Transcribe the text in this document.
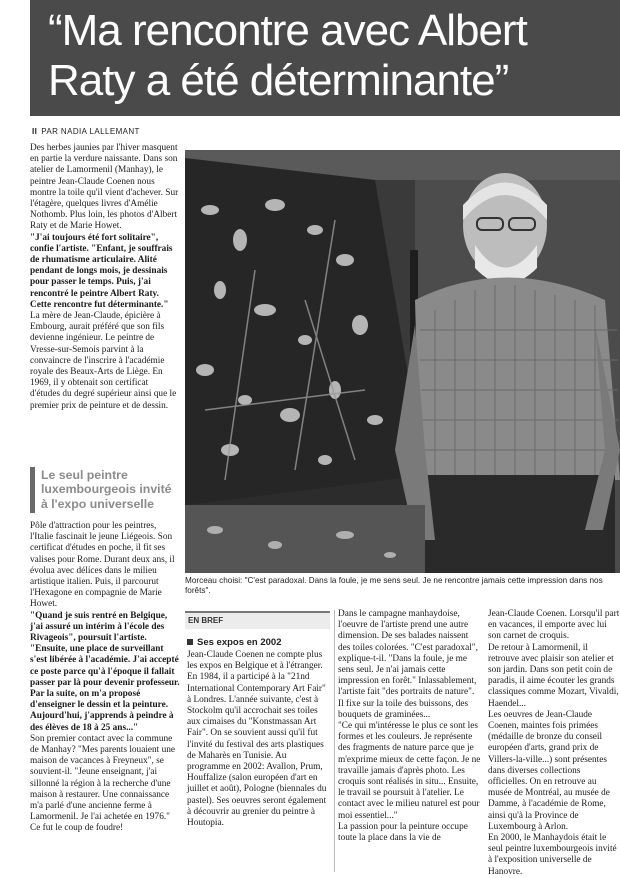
“Ma rencontre avec Albert Raty a été déterminante”
II PAR NADIA LALLEMANT

Des herbes jaunies par l'hiver masquent en partie la verdure naissante. Dans son atelier de Lamormenil (Manhay), le peintre Jean-Claude Coenen nous montre la toile qu'il vient d'achever. Sur l'étagère, quelques livres d'Amélie Nothomb. Plus loin, les photos d'Albert Raty et de Marie Howet.

"J'ai toujours été fort solitaire", confie l'artiste. "Enfant, je souffrais de rhumatisme articulaire. Alité pendant de longs mois, je dessinais pour passer le temps. Puis, j'ai rencontré le peintre Albert Raty. Cette rencontre fut déterminante."

La mère de Jean-Claude, épicière à Embourg, aurait préféré que son fils devienne ingénieur. Le peintre de Vresse-sur-Semois parvint à la convaincre de l'inscrire à l'académie royale des Beaux-Arts de Liège. En 1969, il y obtenait son certificat d'études du degré supérieur ainsi que le premier prix de peinture et de dessin.

Le seul peintre luxembourgeois invité à l'expo universelle

Pôle d'attraction pour les peintres, l'Italie fascinait le jeune Liégeois. Son certificat d'études en poche, il fit ses valises pour Rome. Durant deux ans, il évolua avec délices dans le milieu artistique italien. Puis, il parcourut l'Hexagone en compagnie de Marie Howet.

"Quand je suis rentré en Belgique, j'ai assuré un intérim à l'école des Rivageois", poursuit l'artiste. "Ensuite, une place de surveillant s'est libérée à l'académie. J'ai accepté ce poste parce qu'à l'époque il fallait passer par là pour devenir professeur. Par la suite, on m'a proposé d'enseigner le dessin et la peinture. Aujourd'hui, j'apprends à peindre à des élèves de 18 à 25 ans..."

Son premier contact avec la commune de Manhay? "Mes parents louaient une maison de vacances à Freyneux", se souvient-il. "Jeune enseignant, j'ai sillonné la région à la recherche d'une maison à restaurer. Une connaissance m'a parlé d'une ancienne ferme à Lamormenil. Je l'ai achetée en 1976." Ce fut le coup de foudre!

Morceau choisi: "C'est paradoxal. Dans la foule, je me sens seul. Je ne rencontre jamais cette impression dans nos forêts".
EN BREF
Ses expos en 2002

Jean-Claude Coenen ne compte plus les expos en Belgique et à l'étranger. En 1984, il a participé à la "21nd International Contemporary Art Fair" à Londres. L'année suivante, c'est à Stockolm qu'il accrochait ses toiles aux cimaises du "Konstmassan Art Fair". On se souvient aussi qu'il fut l'invité du festival des arts plastiques de Maharès en Tunisie. Au programme en 2002: Avallon, Prum, Houffalize (salon européen d'art en juillet et août), Pologne (biennales du pastel). Ses oeuvres seront également à découvrir au grenier du peintre à Houtopia.

Dans le campagne manhaydoise, l'oeuvre de l'artiste prend une autre dimension. De ses balades naissent des toiles colorées. "C'est paradoxal", explique-t-il. "Dans la foule, je me sens seul. Je n'ai jamais cette impression en forêt." Inlassablement, l'artiste fait "des portraits de nature". Il fixe sur la toile des buissons, des bouquets de graminées...

"Ce qui m'intéresse le plus ce sont les formes et les couleurs. Je représente des fragments de nature parce que je m'exprime mieux de cette façon. Je ne travaille jamais d'après photo. Les croquis sont réalisés in situ... Ensuite, le travail se poursuit à l'atelier. Le contact avec le milieu naturel est pour moi essentiel..."

La passion pour la peinture occupe toute la place dans la vie de

Jean-Claude Coenen. Lorsqu'il part en vacances, il emporte avec lui son carnet de croquis.

De retour à Lamormenil, il retrouve avec plaisir son atelier et son jardin. Dans son petit coin de paradis, il aime écouter les grands classiques comme Mozart, Vivaldi, Haendel...

Les oeuvres de Jean-Claude Coenen, maintes fois primées (médaille de bronze du conseil européen d'arts, grand prix de Villers-la-ville...) sont présentes dans diverses collections officielles. On en retrouve au musée de Montréal, au musée de Damme, à l'académie de Rome, ainsi qu'à la Province de Luxembourg à Arlon.

En 2000, le Manhaydois était le seul peintre luxembourgeois invité à l'exposition universelle de Hanovre.
